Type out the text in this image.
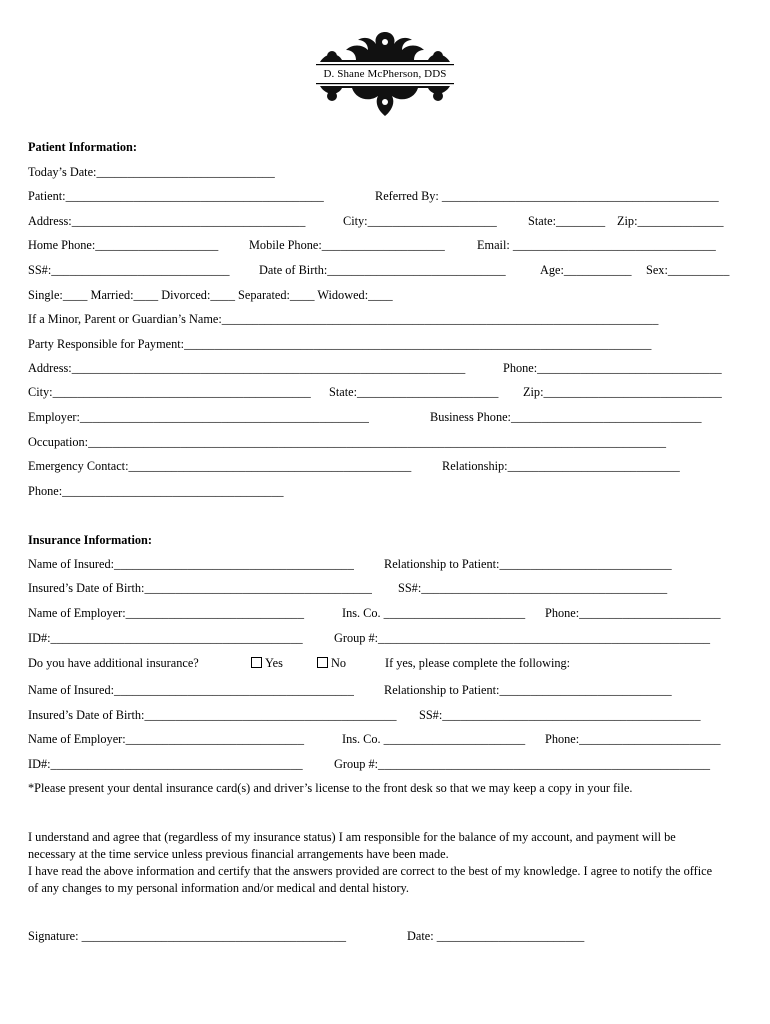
D. Shane McPherson, DDS
Patient Information:
Today’s Date:_____________________________
Patient:__________________________________________	Referred By: _____________________________________________
Address:______________________________________	City:_____________________	State:________ Zip:______________
Home Phone:____________________ Mobile Phone:____________________	Email: _________________________________
SS#:_____________________________ Date of Birth:_____________________________	Age:___________ Sex:__________
Single:____ Married:____ Divorced:____ Separated:____ Widowed:____
If a Minor, Parent or Guardian’s Name:_______________________________________________________________________
Party Responsible for Payment:____________________________________________________________________________
Address:________________________________________________________________	Phone:______________________________
City:__________________________________________ State:_______________________ Zip:_____________________________
Employer:_______________________________________________	Business Phone:_______________________________
Occupation:______________________________________________________________________________________________
Emergency Contact:______________________________________________ Relationship:____________________________
Phone:____________________________________
Insurance Information:
Name of Insured:_______________________________________ Relationship to Patient:____________________________
Insured’s Date of Birth:_____________________________________ SS#:________________________________________
Name of Employer:_____________________________	Ins. Co. _______________________ Phone:_______________________
ID#:_________________________________________	Group #:______________________________________________________
Do you have additional insurance?	Yes	No	If yes, please complete the following:
Name of Insured:_______________________________________ Relationship to Patient:____________________________
Insured’s Date of Birth:_________________________________________ SS#:__________________________________________
Name of Employer:_____________________________	Ins. Co. _______________________ Phone:_______________________
ID#:_________________________________________	Group #:______________________________________________________
*Please present your dental insurance card(s) and driver’s license to the front desk so that we may keep a copy in your file.

I understand and agree that (regardless of my insurance status) I am responsible for the balance of my account, and payment will be necessary at the time service unless previous financial arrangements have been made.

I have read the above information and certify that the answers provided are correct to the best of my knowledge. I agree to notify the office of any changes to my personal information and/or medical and dental history.

Signature: ___________________________________________	Date: ________________________
